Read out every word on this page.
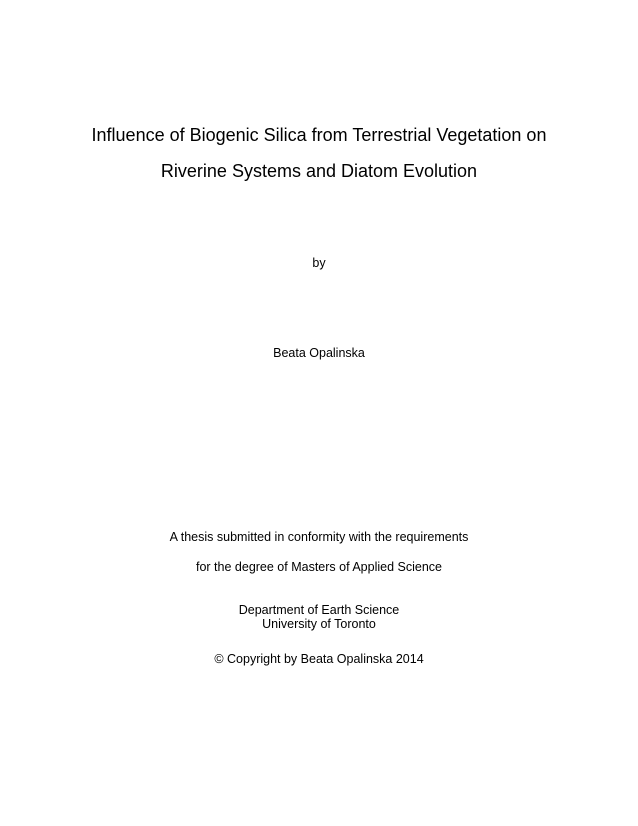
Influence of Biogenic Silica from Terrestrial Vegetation on
Riverine Systems and Diatom Evolution
by
Beata Opalinska
A thesis submitted in conformity with the requirements
for the degree of Masters of Applied Science
Department of Earth Science
University of Toronto
© Copyright by Beata Opalinska 2014
